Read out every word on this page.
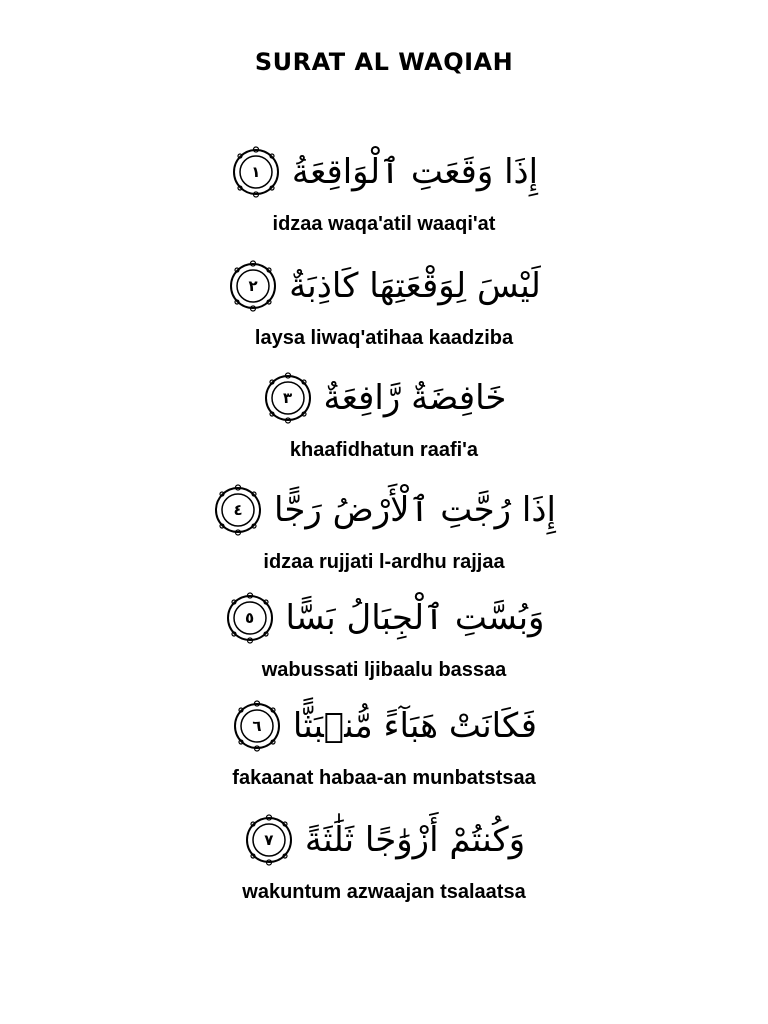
SURAT AL WAQIAH
١ إِذَا وَقَعَتِ ٱلْوَاقِعَةُ
idzaa waqa'atil waaqi'at
٢ لَيْسَ لِوَقْعَتِهَا كَاذِبَةٌ
laysa liwaq'atihaa kaadziba
٣ خَافِضَةٌ رَّافِعَةٌ
khaafidhatun raafi'a
٤ إِذَا رُجَّتِ ٱلْأَرْضُ رَجًّا
idzaa rujjati l-ardhu rajjaa
٥ وَبُسَّتِ ٱلْجِبَالُ بَسًّا
wabussati ljibaalu bassaa
٦ فَكَانَتْ هَبَآءً مُّنۢبَثًّا
fakaanat habaa-an munbatstsaa
٧ وَكُنتُمْ أَزْوَٰجًا ثَلَٰثَةً
wakuntum azwaajan tsalaatsa
